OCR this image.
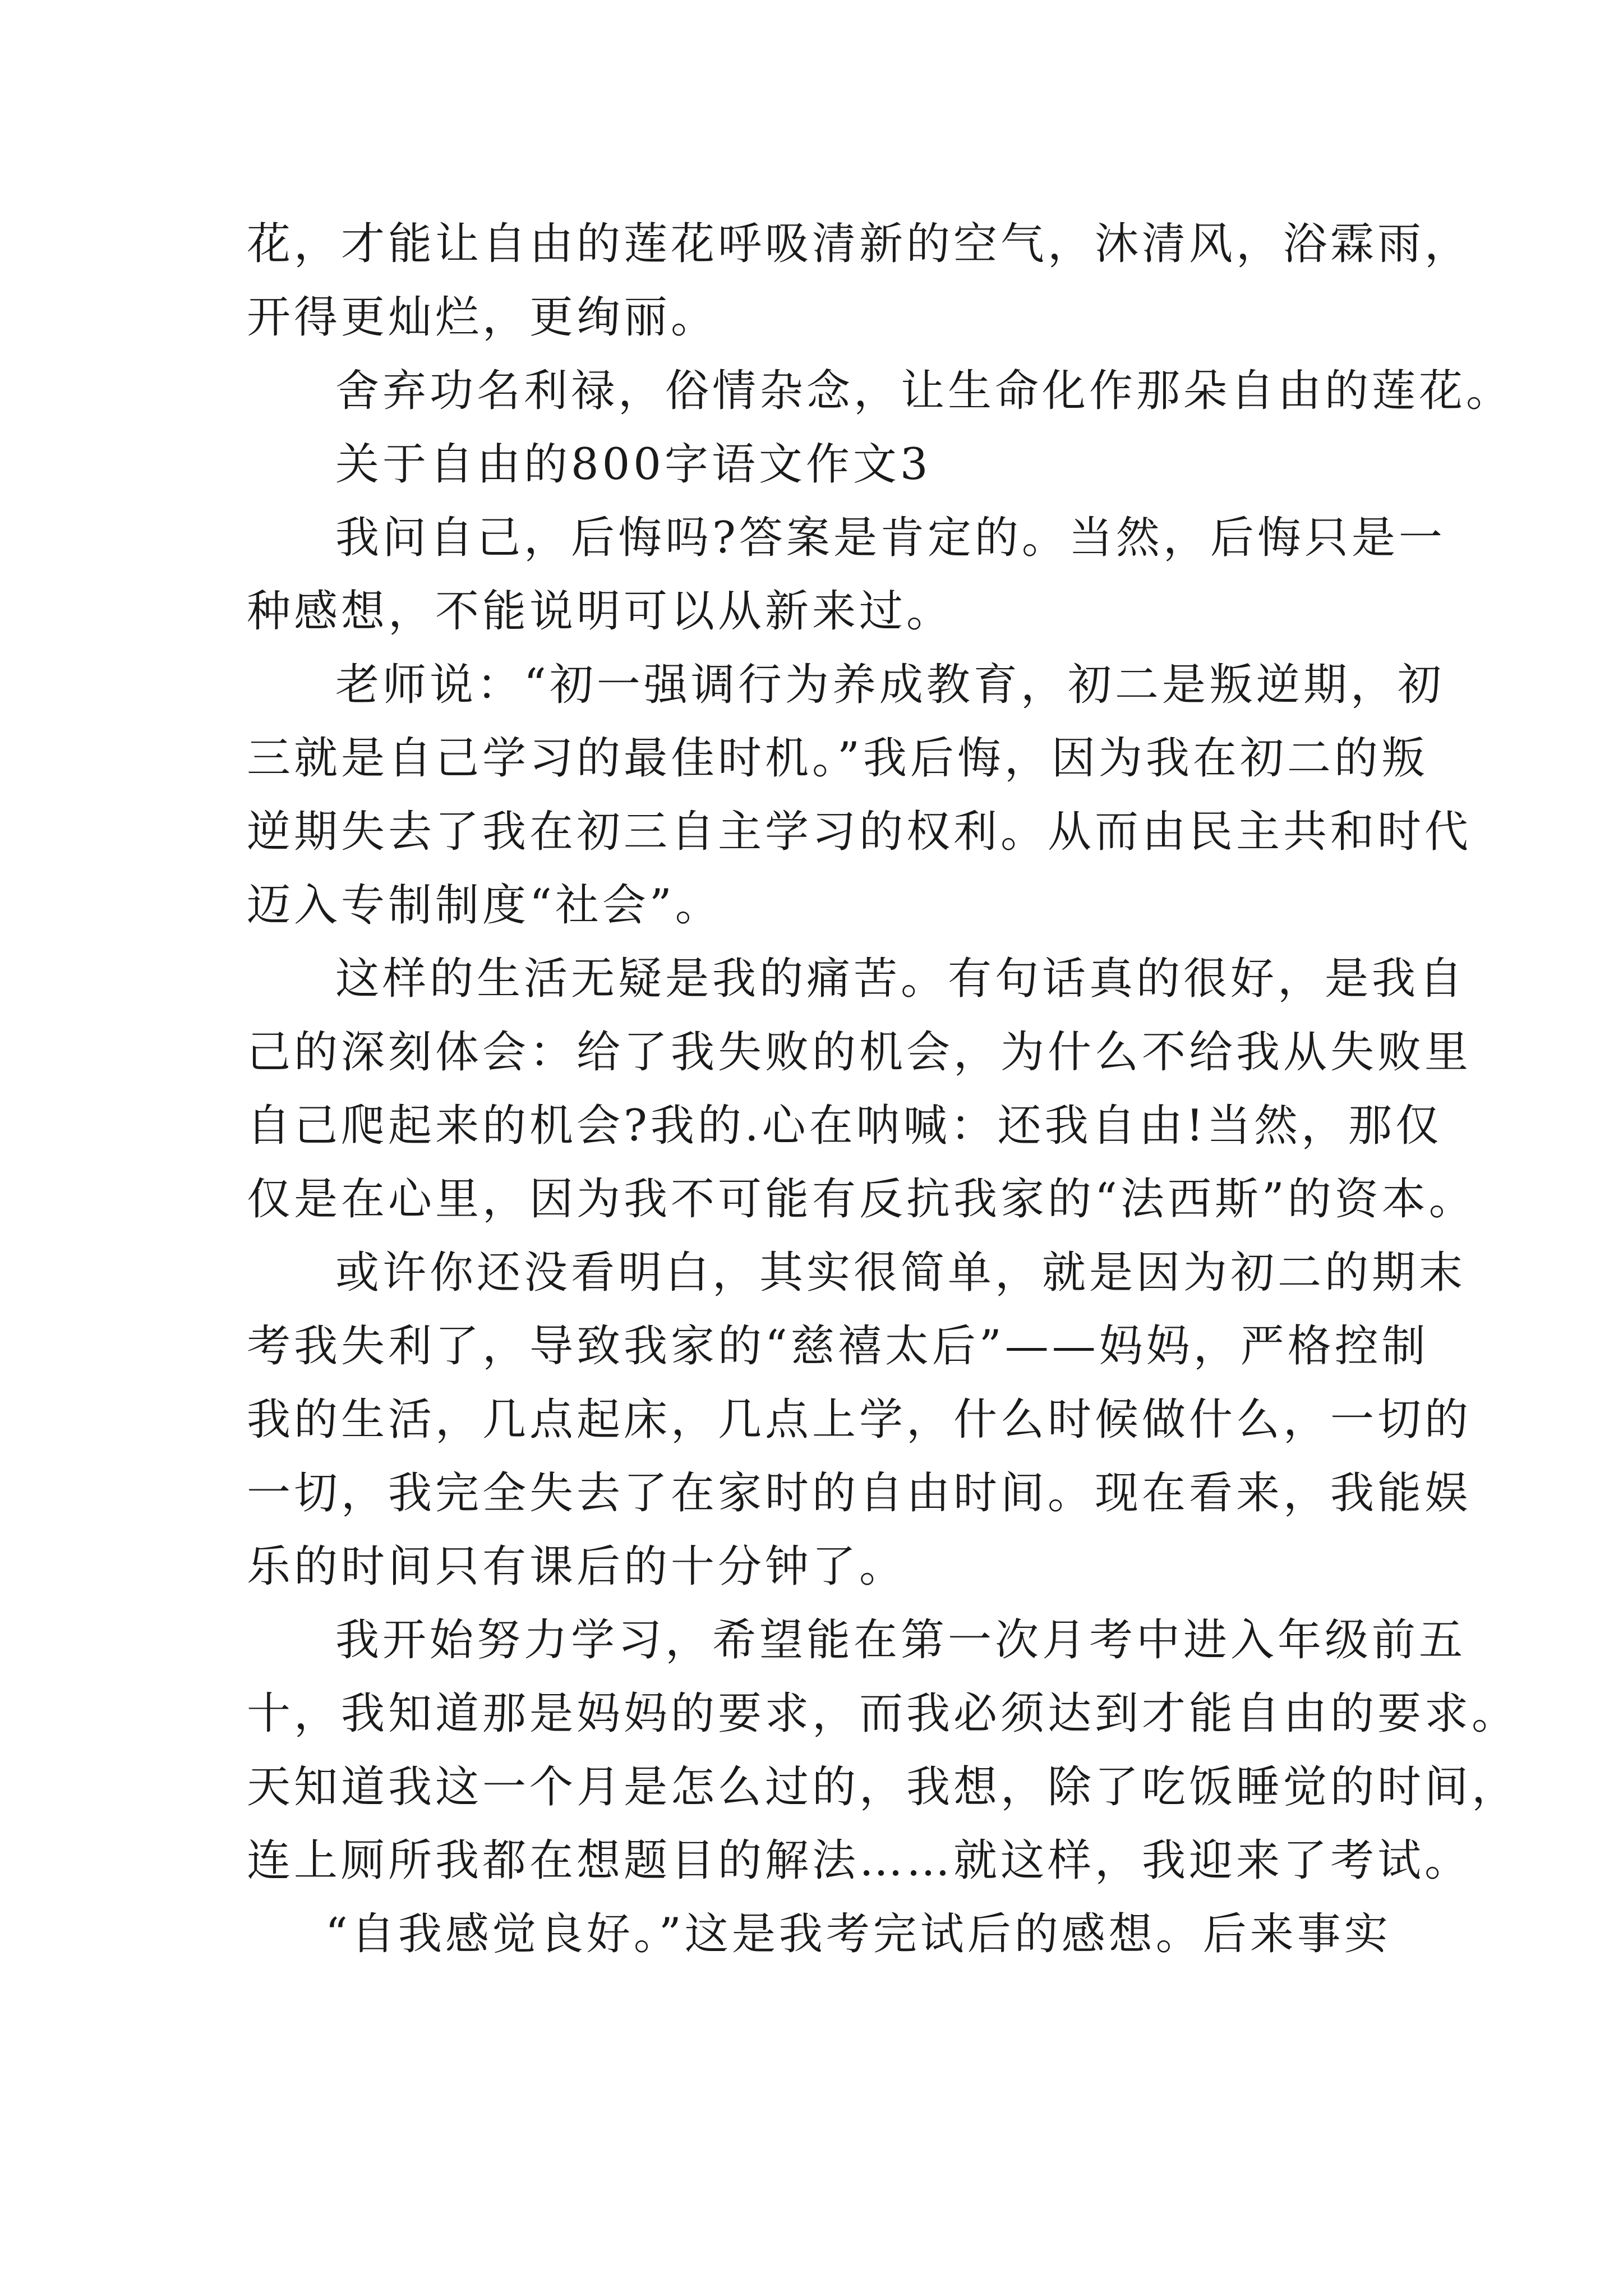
花，才能让自由的莲花呼吸清新的空气，沐清风，浴霖雨，
开得更灿烂，更绚丽。
舍弃功名利禄，俗情杂念，让生命化作那朵自由的莲花。
关于自由的800字语文作文3
我问自己，后悔吗?答案是肯定的。当然，后悔只是一
种感想，不能说明可以从新来过。
老师说：“初一强调行为养成教育，初二是叛逆期，初
三就是自己学习的最佳时机。”我后悔，因为我在初二的叛
逆期失去了我在初三自主学习的权利。从而由民主共和时代
迈入专制制度“社会”。
这样的生活无疑是我的痛苦。有句话真的很好，是我自
己的深刻体会：给了我失败的机会，为什么不给我从失败里
自己爬起来的机会?我的.心在呐喊：还我自由!当然，那仅
仅是在心里，因为我不可能有反抗我家的“法西斯”的资本。
或许你还没看明白，其实很简单，就是因为初二的期末
考我失利了，导致我家的“慈禧太后”——妈妈，严格控制
我的生活，几点起床，几点上学，什么时候做什么，一切的
一切，我完全失去了在家时的自由时间。现在看来，我能娱
乐的时间只有课后的十分钟了。
我开始努力学习，希望能在第一次月考中进入年级前五
十，我知道那是妈妈的要求，而我必须达到才能自由的要求。
天知道我这一个月是怎么过的，我想，除了吃饭睡觉的时间，
连上厕所我都在想题目的解法……就这样，我迎来了考试。
“自我感觉良好。”这是我考完试后的感想。后来事实
